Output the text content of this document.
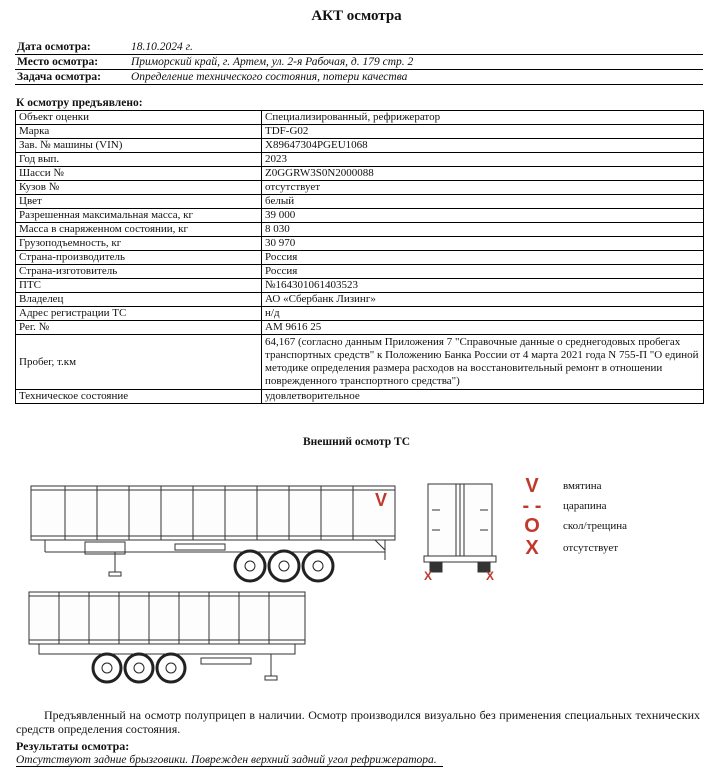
АКТ осмотра
Дата осмотра:	18.10.2024 г.
Место осмотра:	Приморский край, г. Артем, ул. 2-я Рабочая, д. 179 стр. 2
Задача осмотра:	Определение технического состояния, потери качества
К осмотру предъявлено:
Объект оценки	Специализированный, рефрижератор
Марка	TDF-G02
Зав. № машины (VIN)	X89647304PGEU1068
Год вып.	2023
Шасси №	Z0GGRW3S0N2000088
Кузов №	отсутствует
Цвет	белый
Разрешенная максимальная масса, кг	39 000
Масса в снаряженном состоянии, кг	8 030
Грузоподъемность, кг	30 970
Страна-производитель	Россия
Страна-изготовитель	Россия
ПТС	№164301061403523
Владелец	АО «Сбербанк Лизинг»
Адрес регистрации ТС	н/д
Рег. №	АМ 9616 25
Пробег, т.км	64,167 (согласно данным Приложения 7 "Справочные данные о среднегодовых пробегах транспортных средств" к Положению Банка России от 4 марта 2021 года N 755-П "О единой методике определения размера расходов на восстановительный ремонт в отношении поврежденного транспортного средства")
Техническое состояние	удовлетворительное
Внешний осмотр ТС
V
X	X
V	вмятина
- - царапина
O	скол/трещина
X	отсутствует
Предъявленный на осмотр полуприцеп в наличии. Осмотр производился визуально без применения специальных технических средств определения состояния.
Результаты осмотра:
Отсутствуют задние брызговики. Поврежден верхний задний угол рефрижератора.
